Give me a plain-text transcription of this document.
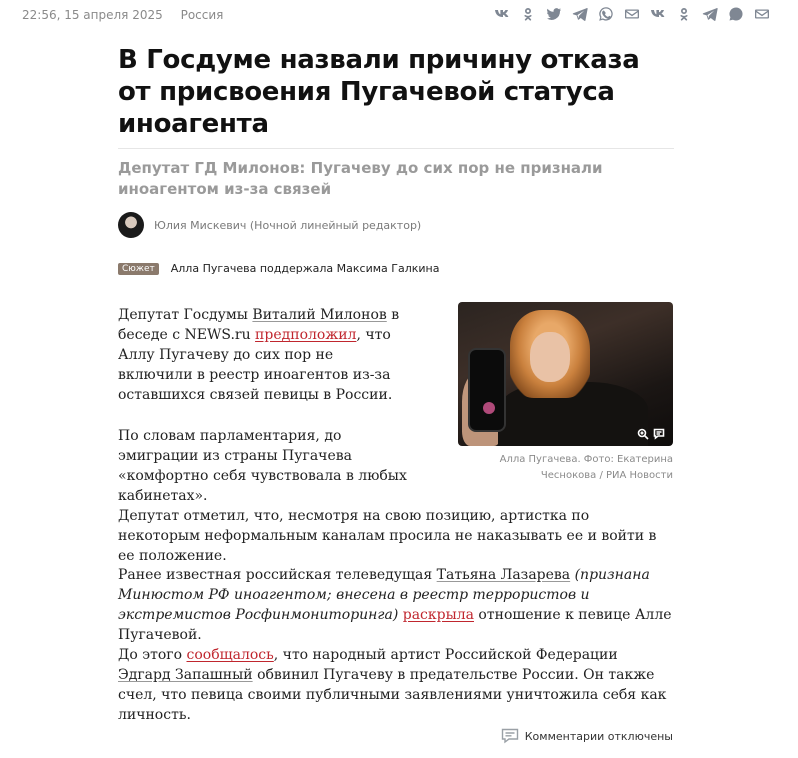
22:56, 15 апреля 2025 Россия
В Госдуме назвали причину отказа от присвоения Пугачевой статуса иноагента
Депутат ГД Милонов: Пугачеву до сих пор не признали иноагентом из-за связей
Юлия Мискевич (Ночной линейный редактор)
Сюжет	Алла Пугачева поддержала Максима Галкина

Депутат Госдумы Виталий Милонов в беседе с NEWS.ru предположил, что Аллу Пугачеву до сих пор не включили в реестр иноагентов из-за оставшихся связей певицы в России.

По словам парламентария, до эмиграции из страны Пугачева «комфортно себя чувствовала в любых кабинетах».

Алла Пугачева. Фото: Екатерина Чеснокова / РИА Новости

Депутат отметил, что, несмотря на свою позицию, артистка по некоторым неформальным каналам просила не наказывать ее и войти в ее положение.

Ранее известная российская телеведущая Татьяна Лазарева (признана Минюстом РФ иноагентом; внесена в реестр террористов и экстремистов Росфинмониторинга) раскрыла отношение к певице Алле Пугачевой.

До этого сообщалось, что народный артист Российской Федерации Эдгард Запашный обвинил Пугачеву в предательстве России. Он также счел, что певица своими публичными заявлениями уничтожила себя как личность.

Комментарии отключены
